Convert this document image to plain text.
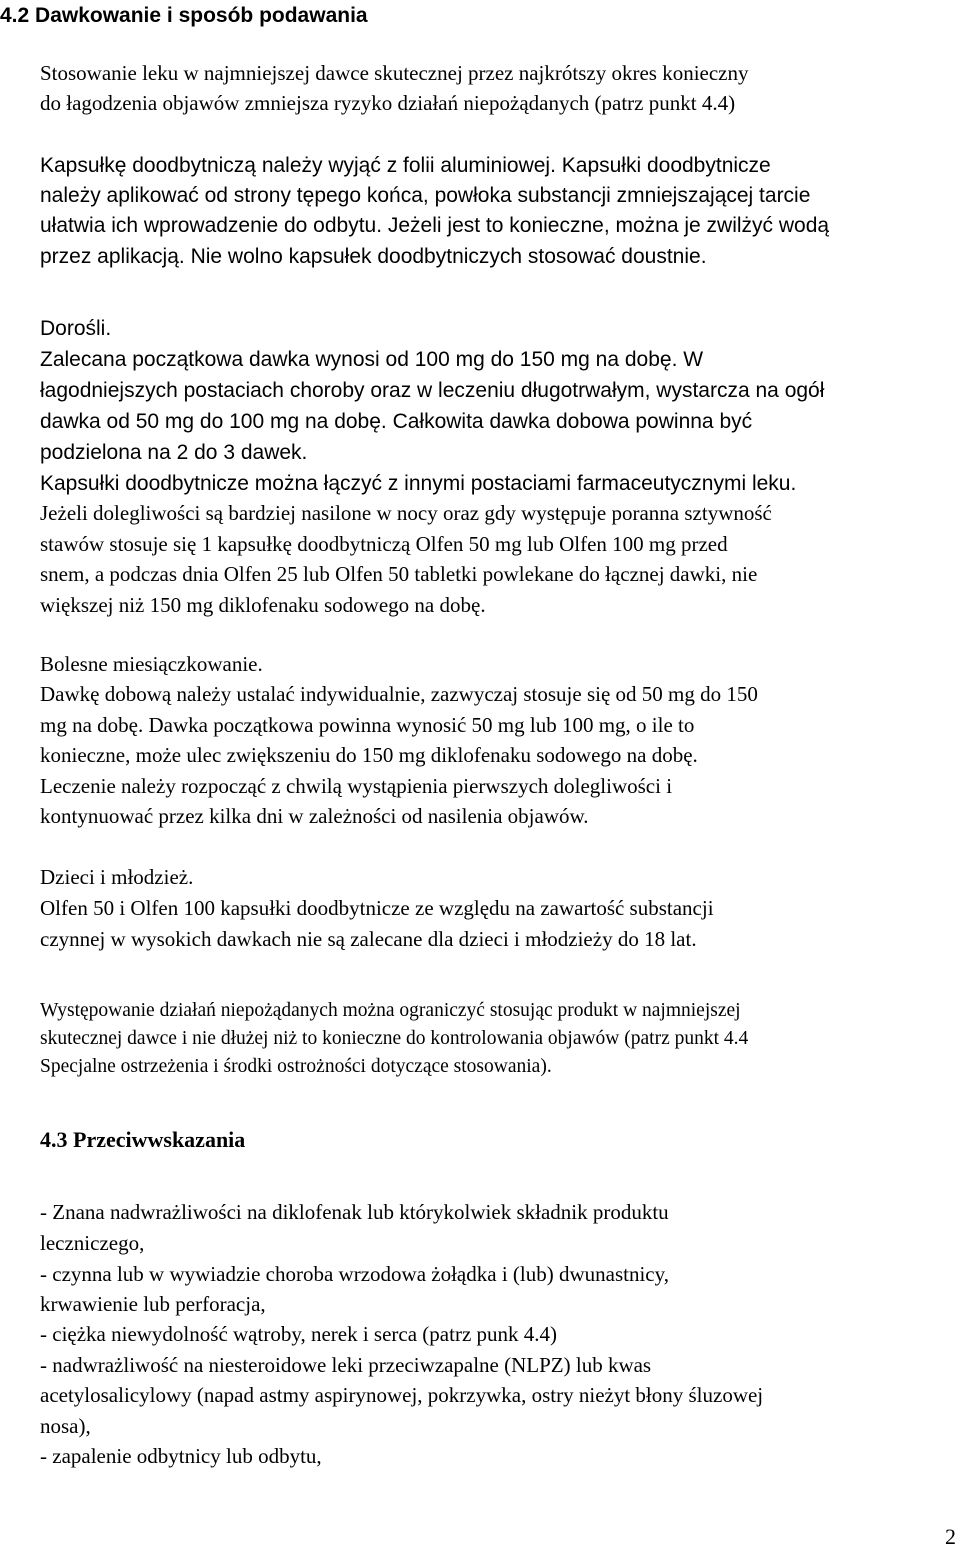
4.2 Dawkowanie i sposób podawania
Stosowanie leku w najmniejszej dawce skutecznej przez najkrótszy okres konieczny
do łagodzenia objawów zmniejsza ryzyko działań niepożądanych (patrz punkt 4.4)
Kapsułkę doodbytniczą należy wyjąć z folii aluminiowej. Kapsułki doodbytnicze
należy aplikować od strony tępego końca, powłoka substancji zmniejszającej tarcie
ułatwia ich wprowadzenie do odbytu. Jeżeli jest to konieczne, można je zwilżyć wodą
przez aplikacją. Nie wolno kapsułek doodbytniczych stosować doustnie.
Dorośli.
Zalecana początkowa dawka wynosi od 100 mg do 150 mg na dobę. W
łagodniejszych postaciach choroby oraz w leczeniu długotrwałym, wystarcza na ogół
dawka od 50 mg do 100 mg na dobę. Całkowita dawka dobowa powinna być
podzielona na 2 do 3 dawek.
Kapsułki doodbytnicze można łączyć z innymi postaciami farmaceutycznymi leku.
Jeżeli dolegliwości są bardziej nasilone w nocy oraz gdy występuje poranna sztywność
stawów stosuje się 1 kapsułkę doodbytniczą Olfen 50 mg lub Olfen 100 mg przed
snem, a podczas dnia Olfen 25 lub Olfen 50 tabletki powlekane do łącznej dawki, nie
większej niż 150 mg diklofenaku sodowego na dobę.
Bolesne miesiączkowanie.
Dawkę dobową należy ustalać indywidualnie, zazwyczaj stosuje się od 50 mg do 150
mg na dobę. Dawka początkowa powinna wynosić 50 mg lub 100 mg, o ile to
konieczne, może ulec zwiększeniu do 150 mg diklofenaku sodowego na dobę.
Leczenie należy rozpocząć z chwilą wystąpienia pierwszych dolegliwości i
kontynuować przez kilka dni w zależności od nasilenia objawów.
Dzieci i młodzież.
Olfen 50 i Olfen 100 kapsułki doodbytnicze ze względu na zawartość substancji
czynnej w wysokich dawkach nie są zalecane dla dzieci i młodzieży do 18 lat.
Występowanie działań niepożądanych można ograniczyć stosując produkt w najmniejszej
skutecznej dawce i nie dłużej niż to konieczne do kontrolowania objawów (patrz punkt 4.4
Specjalne ostrzeżenia i środki ostrożności dotyczące stosowania).
4.3 Przeciwwskazania
- Znana nadwrażliwości na diklofenak lub którykolwiek składnik produktu
leczniczego,
- czynna lub w wywiadzie choroba wrzodowa żołądka i (lub) dwunastnicy,
krwawienie lub perforacja,
- ciężka niewydolność wątroby, nerek i serca (patrz punk 4.4)
- nadwrażliwość na niesteroidowe leki przeciwzapalne (NLPZ) lub kwas
acetylosalicylowy (napad astmy aspirynowej, pokrzywka, ostry nieżyt błony śluzowej
nosa),
- zapalenie odbytnicy lub odbytu,
2
